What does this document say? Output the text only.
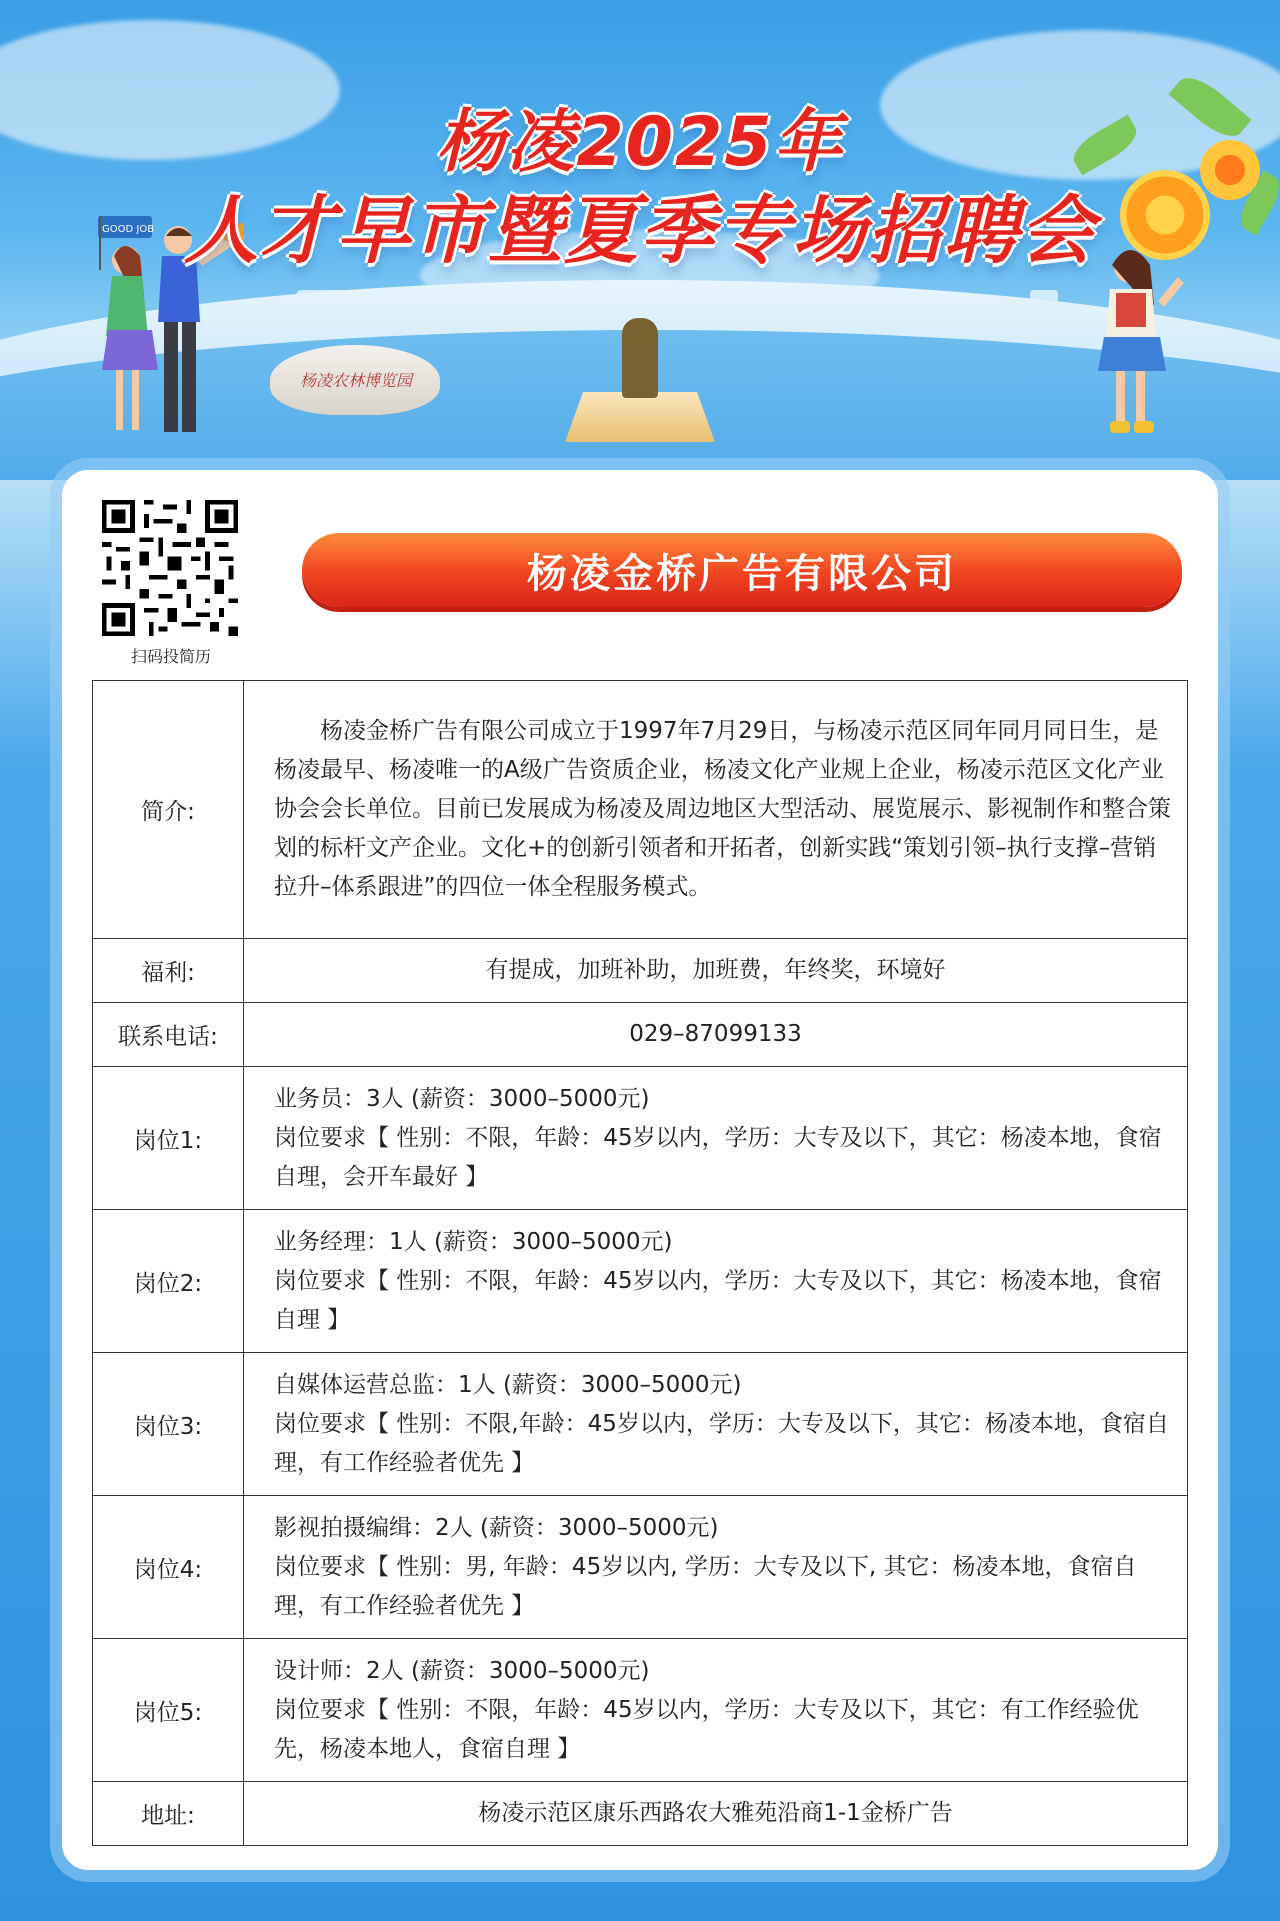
杨凌农林博览园
GOOD JOB
杨凌2025年
人才早市暨夏季专场招聘会
扫码投简历
杨凌金桥广告有限公司
简介:	杨凌金桥广告有限公司成立于1997年7月29日，与杨凌示范区同年同月同日生，是杨凌最早、杨凌唯一的A级广告资质企业，杨凌文化产业规上企业，杨凌示范区文化产业协会会长单位。目前已发展成为杨凌及周边地区大型活动、展览展示、影视制作和整合策划的标杆文产企业。文化+的创新引领者和开拓者，创新实践“策划引领–执行支撑–营销拉升–体系跟进”的四位一体全程服务模式。

福利:	有提成，加班补助，加班费，年终奖，环境好
联系电话:	029–87099133
岗位1:	业务员：3人 (薪资：3000–5000元)
岗位要求【 性别：不限，年龄：45岁以内，学历：大专及以下，其它：杨凌本地，食宿自理，会开车最好 】

岗位2:	业务经理：1人 (薪资：3000–5000元)
岗位要求【 性别：不限，年龄：45岁以内，学历：大专及以下，其它：杨凌本地，食宿自理 】

岗位3:	自媒体运营总监：1人 (薪资：3000–5000元)
岗位要求【 性别：不限,年龄：45岁以内，学历：大专及以下，其它：杨凌本地，食宿自理，有工作经验者优先 】

岗位4:	影视拍摄编缉：2人 (薪资：3000–5000元)
岗位要求【 性别：男, 年龄：45岁以内, 学历：大专及以下, 其它：杨凌本地，食宿自理，有工作经验者优先 】

岗位5:	设计师：2人 (薪资：3000–5000元)
岗位要求【 性别：不限，年龄：45岁以内，学历：大专及以下，其它：有工作经验优先，杨凌本地人，食宿自理 】

地址:	杨凌示范区康乐西路农大雅苑沿商1-1金桥广告
